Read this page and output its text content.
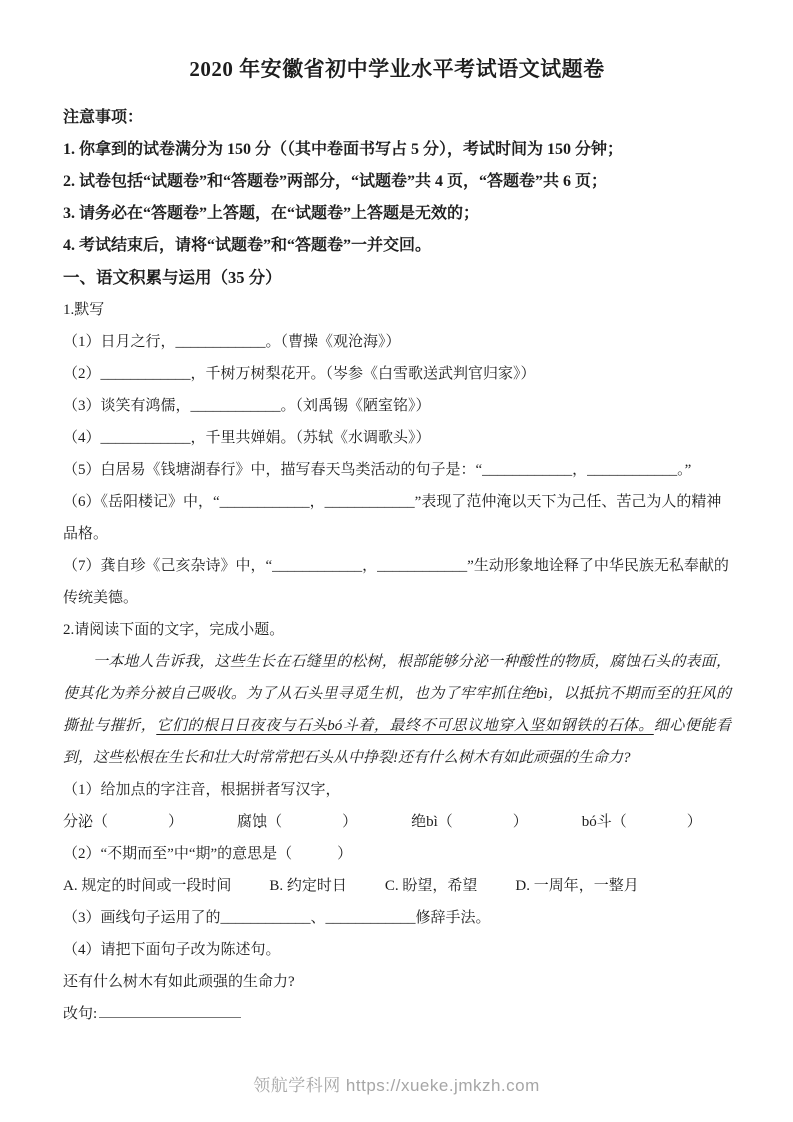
2020 年安徽省初中学业水平考试语文试题卷
注意事项：
1. 你拿到的试卷满分为 150 分（（其中卷面书写占 5 分），考试时间为 150 分钟；
2. 试卷包括“试题卷”和“答题卷”两部分，“试题卷”共 4 页，“答题卷”共 6 页；
3. 请务必在“答题卷”上答题，在“试题卷”上答题是无效的；
4. 考试结束后，请将“试题卷”和“答题卷”一并交回。
一、语文积累与运用（35 分）
1.默写
（1）日月之行，____________。（曹操《观沧海》）
（2）____________，千树万树梨花开。（岑参《白雪歌送武判官归家》）
（3）谈笑有鸿儒，____________。（刘禹锡《陋室铭》）
（4）____________，千里共婵娟。（苏轼《水调歌头》）
（5）白居易《钱塘湖春行》中，描写春天鸟类活动的句子是：“____________，____________。”
（6）《岳阳楼记》中，“____________，____________”表现了范仲淹以天下为己任、苦己为人的精神品格。
（7）龚自珍《己亥杂诗》中，“____________，____________”生动形象地诠释了中华民族无私奉献的传统美德。
2.请阅读下面的文字，完成小题。
一本地人告诉我，这些生长在石缝里的松树，根部能够分泌一种酸性的物质，腐蚀石头的表面，使其化为养分被自己吸收。为了从石头里寻觅生机，也为了牢牢抓住绝bì，以抵抗不期而至的狂风的撕扯与摧折，它们的根日日夜夜与石头bó斗着，最终不可思议地穿入坚如钢铁的石体。细心便能看到，这些松根在生长和壮大时常常把石头从中挣裂!还有什么树木有如此顽强的生命力?
（1）给加点的字注音，根据拼者写汉字，
分泌 •（　　　　）	腐蚀 •（　　　　）	绝bì（　　　　）	bó斗（　　　　）
（2）“不期而至”中“期”的意思是（　　　）
A. 规定的时间或一段时间	B. 约定时日	C. 盼望，希望	D. 一周年，一整月
（3）画线句子运用了的____________、____________修辞手法。
（4）请把下面句子改为陈述句。
还有什么树木有如此顽强的生命力?
改句:
领航学科网 https://xueke.jmkzh.com
